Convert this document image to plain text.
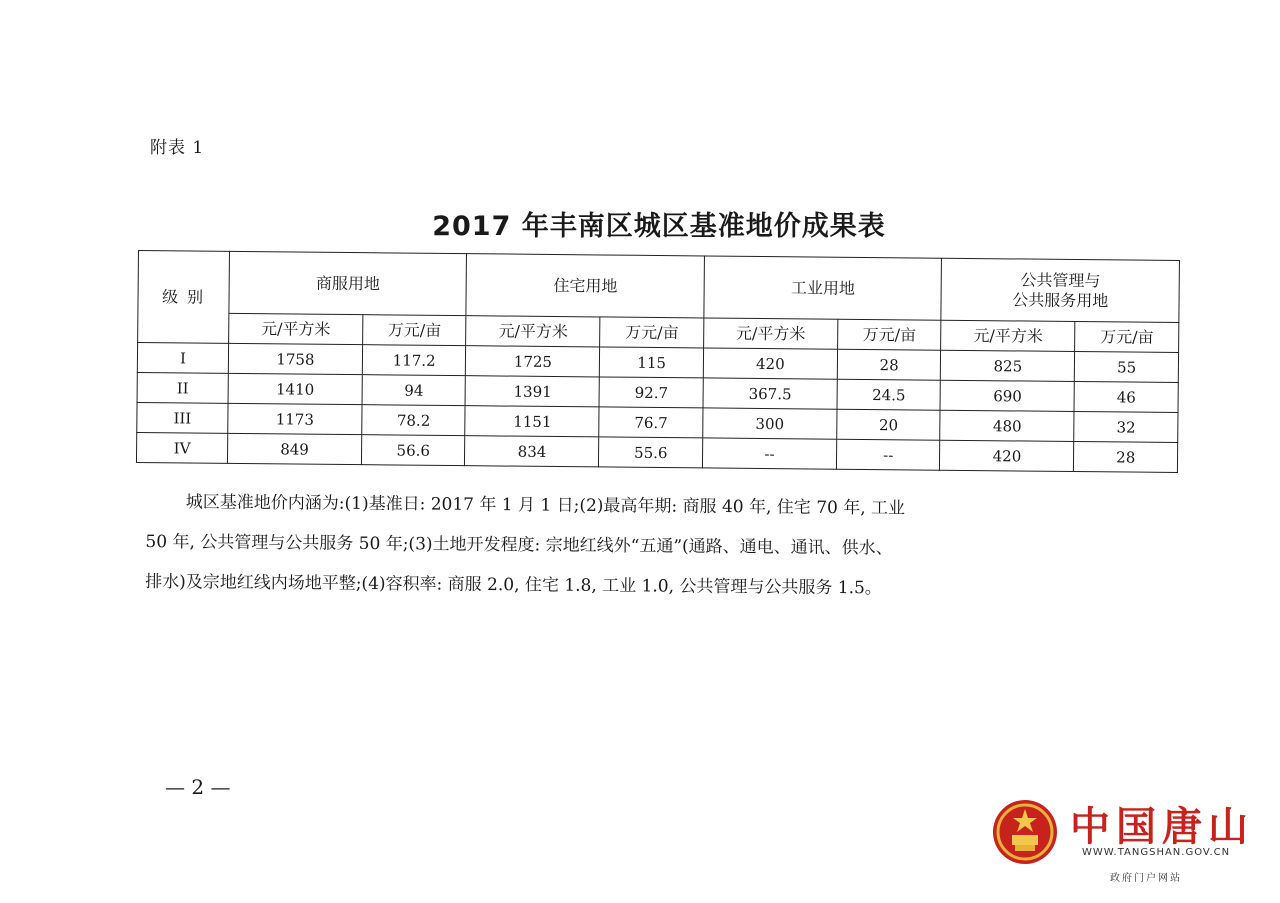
附表 1
2017 年丰南区城区基准地价成果表
级 别	商服用地		住宅用地		工业用地		公共管理与
公共服务用地	
	元/平方米	万元/亩	元/平方米	万元/亩	元/平方米	万元/亩	元/平方米	万元/亩
I	1758	117.2	1725	115	420	28	825	55
II	1410	94	1391	92.7	367.5	24.5	690	46
III	1173	78.2	1151	76.7	300	20	480	32
IV	849	56.6	834	55.6	--	--	420	28
城区基准地价内涵为:(1)基准日: 2017 年 1 月 1 日;(2)最高年期: 商服 40 年, 住宅 70 年, 工业
50 年, 公共管理与公共服务 50 年;(3)土地开发程度: 宗地红线外“五通”(通路、通电、通讯、供水、
排水)及宗地红线内场地平整;(4)容积率: 商服 2.0, 住宅 1.8, 工业 1.0, 公共管理与公共服务 1.5。
— 2 —
中国唐山
WWW.TANGSHAN.GOV.CN
政府门户网站
